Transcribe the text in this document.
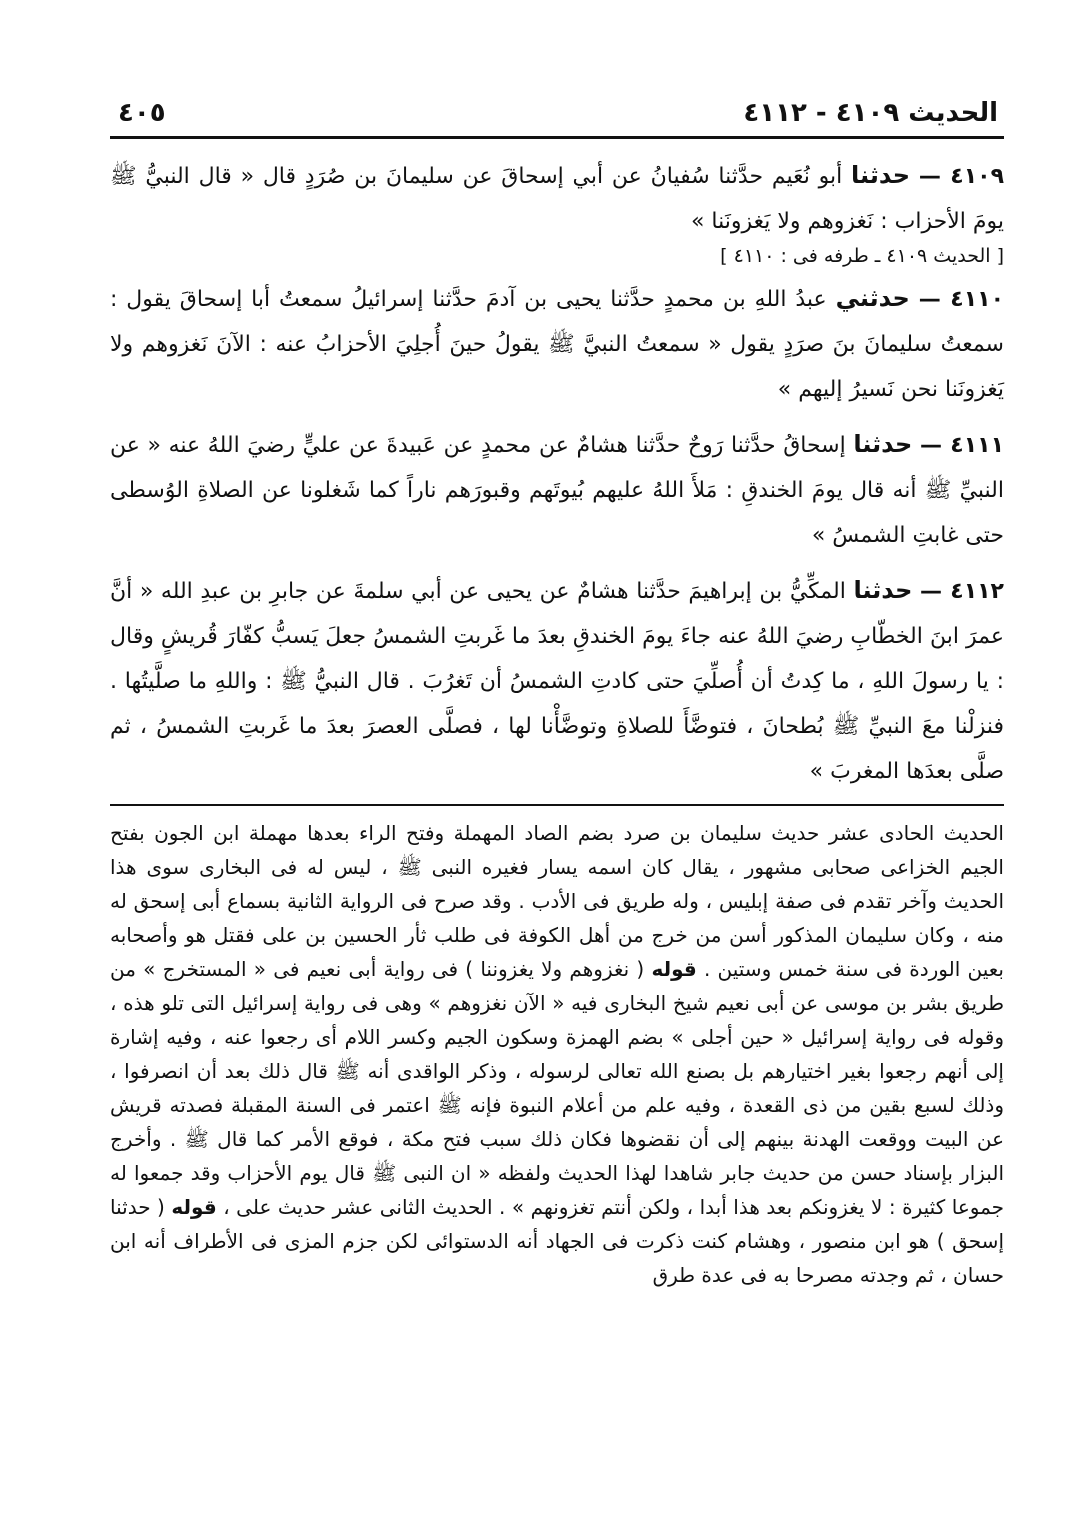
الحديث ٤١٠٩ - ٤١١٢
٤٠٥

٤١٠٩ — حدثنا أبو نُعَيم حدَّثنا سُفيانُ عن أبي إسحاقَ عن سليمانَ بن صُرَدٍ قال « قال النبيُّ ﷺ يومَ الأحزاب : نَغزوهم ولا يَغزونَنا »

[ الحديث ٤١٠٩ ـ طرفه فى : ٤١١٠ ]

٤١١٠ — حدثني عبدُ اللهِ بن محمدٍ حدَّثنا يحيى بن آدمَ حدَّثنا إسرائيلُ سمعتُ أبا إسحاقَ يقول : سمعتُ سليمانَ بنَ صرَدٍ يقول « سمعتُ النبيَّ ﷺ يقولُ حينَ أُجلِيَ الأحزابُ عنه : الآنَ نَغزوهم ولا يَغزونَنا نحن نَسيرُ إليهم »

٤١١١ — حدثنا إسحاقُ حدَّثنا رَوحٌ حدَّثنا هشامٌ عن محمدٍ عن عَبيدةَ عن عليٍّ رضيَ اللهُ عنه « عن النبيِّ ﷺ أنه قال يومَ الخندقِ : مَلأَ اللهُ عليهم بُيوتَهم وقبورَهم ناراً كما شَغلونا عن الصلاةِ الوُسطى حتى غابتِ الشمسُ »

٤١١٢ — حدثنا المكِّيُّ بن إبراهيمَ حدَّثنا هشامٌ عن يحيى عن أبي سلمةَ عن جابرِ بن عبدِ الله « أنَّ عمرَ ابنَ الخطّابِ رضيَ اللهُ عنه جاءَ يومَ الخندقِ بعدَ ما غَربتِ الشمسُ جعلَ يَسبُّ كفّارَ قُريشٍ وقال : يا رسولَ اللهِ ، ما كِدتُ أن أُصلِّيَ حتى كادتِ الشمسُ أن تَغرُبَ . قال النبيُّ ﷺ : واللهِ ما صلَّيتُها . فنزلْنا معَ النبيِّ ﷺ بُطحانَ ، فتوضَّأَ للصلاةِ وتوضَّأْنا لها ، فصلَّى العصرَ بعدَ ما غَربتِ الشمسُ ، ثم صلَّى بعدَها المغربَ »

الحديث الحادى عشر حديث سليمان بن صرد بضم الصاد المهملة وفتح الراء بعدها مهملة ابن الجون بفتح الجيم الخزاعى صحابى مشهور ، يقال كان اسمه يسار فغيره النبى ﷺ ، ليس له فى البخارى سوى هذا الحديث وآخر تقدم فى صفة إبليس ، وله طريق فى الأدب . وقد صرح فى الرواية الثانية بسماع أبى إسحق له منه ، وكان سليمان المذكور أسن من خرج من أهل الكوفة فى طلب ثأر الحسين بن على فقتل هو وأصحابه بعين الوردة فى سنة خمس وستين . قوله ( نغزوهم ولا يغزوننا ) فى رواية أبى نعيم فى « المستخرج » من طريق بشر بن موسى عن أبى نعيم شيخ البخارى فيه « الآن نغزوهم » وهى فى رواية إسرائيل التى تلو هذه ، وقوله فى رواية إسرائيل « حين أجلى » بضم الهمزة وسكون الجيم وكسر اللام أى رجعوا عنه ، وفيه إشارة إلى أنهم رجعوا بغير اختيارهم بل بصنع الله تعالى لرسوله ، وذكر الواقدى أنه ﷺ قال ذلك بعد أن انصرفوا ، وذلك لسبع بقين من ذى القعدة ، وفيه علم من أعلام النبوة فإنه ﷺ اعتمر فى السنة المقبلة فصدته قريش عن البيت ووقعت الهدنة بينهم إلى أن نقضوها فكان ذلك سبب فتح مكة ، فوقع الأمر كما قال ﷺ . وأخرج البزار بإسناد حسن من حديث جابر شاهدا لهذا الحديث ولفظه « ان النبى ﷺ قال يوم الأحزاب وقد جمعوا له جموعا كثيرة : لا يغزونكم بعد هذا أبدا ، ولكن أنتم تغزونهم » . الحديث الثانى عشر حديث على ، قوله ( حدثنا إسحق ) هو ابن منصور ، وهشام كنت ذكرت فى الجهاد أنه الدستوائى لكن جزم المزى فى الأطراف أنه ابن حسان ، ثم وجدته مصرحا به فى عدة طرق
